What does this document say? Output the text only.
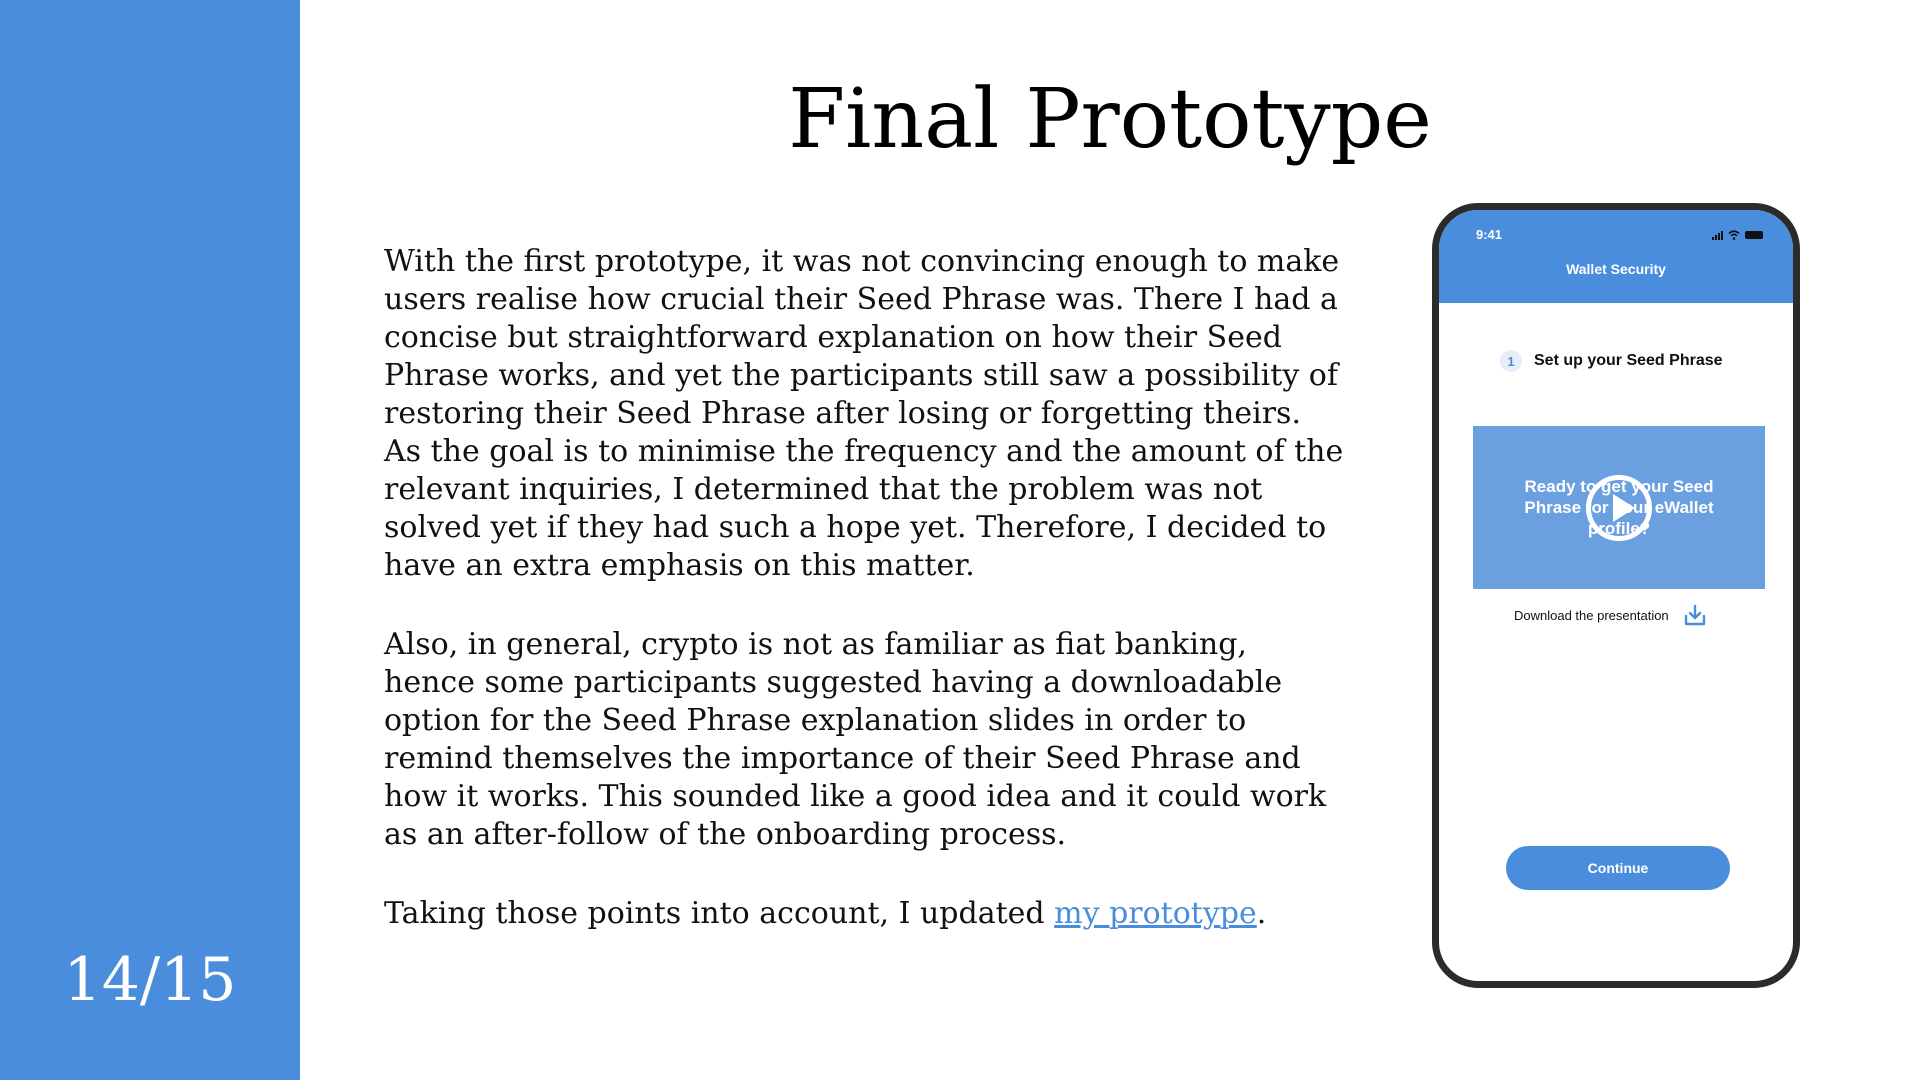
14/15
Final Prototype

With the first prototype, it was not convincing enough to make users realise how crucial their Seed Phrase was. There I had a concise but straightforward explanation on how their Seed Phrase works, and yet the participants still saw a possibility of restoring their Seed Phrase after losing or forgetting theirs. As the goal is to minimise the frequency and the amount of the relevant inquiries, I determined that the problem was not solved yet if they had such a hope yet. Therefore, I decided to have an extra emphasis on this matter.

Also, in general, crypto is not as familiar as fiat banking, hence some participants suggested having a downloadable option for the Seed Phrase explanation slides in order to remind themselves the importance of their Seed Phrase and how it works. This sounded like a good idea and it could work as an after-follow of the onboarding process.

Taking those points into account, I updated my prototype.

9:41
Wallet Security
1	Set up your Seed Phrase
Ready to get your Seed Phrase for your eWallet profile?
Download the presentation
Continue
